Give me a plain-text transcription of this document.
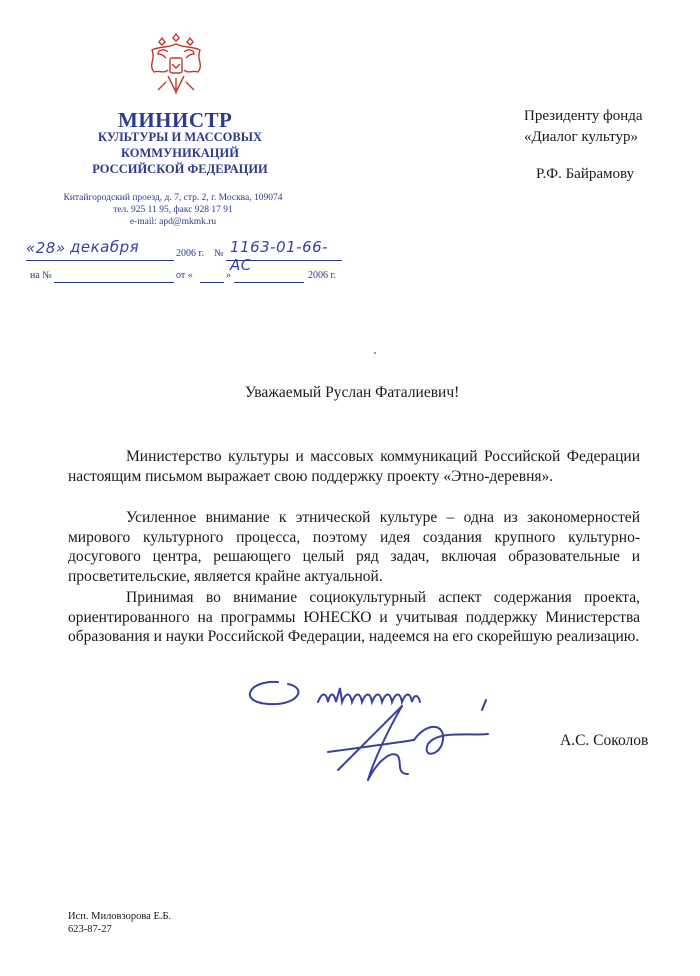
МИНИСТР
КУЛЬТУРЫ И МАССОВЫХ КОММУНИКАЦИЙ
РОССИЙСКОЙ ФЕДЕРАЦИИ
Китайгородский проезд, д. 7, стр. 2, г. Москва, 109074
тел. 925 11 95, факс 928 17 91
e-mail: apd@mkmk.ru
«28» декабря	2006 г. № 1163-01-66-АС
на №	от «	»	2006 г.
Президенту фонда
«Диалог культур»
Р.Ф. Байрамову
Уважаемый Руслан Фаталиевич!
Министерство культуры и массовых коммуникаций Российской Федерации настоящим письмом выражает свою поддержку проекту «Этно-деревня».
Усиленное внимание к этнической культуре – одна из закономерностей мирового культурного процесса, поэтому идея создания крупного культурно-досугового центра, решающего целый ряд задач, включая образовательные и просветительские, является крайне актуальной.
Принимая во внимание социокультурный аспект содержания проекта, ориентированного на программы ЮНЕСКО и учитывая поддержку Министерства образования и науки Российской Федерации, надеемся на его скорейшую реализацию.
А.С. Соколов
Исп. Миловзорова Е.Б.
623-87-27
